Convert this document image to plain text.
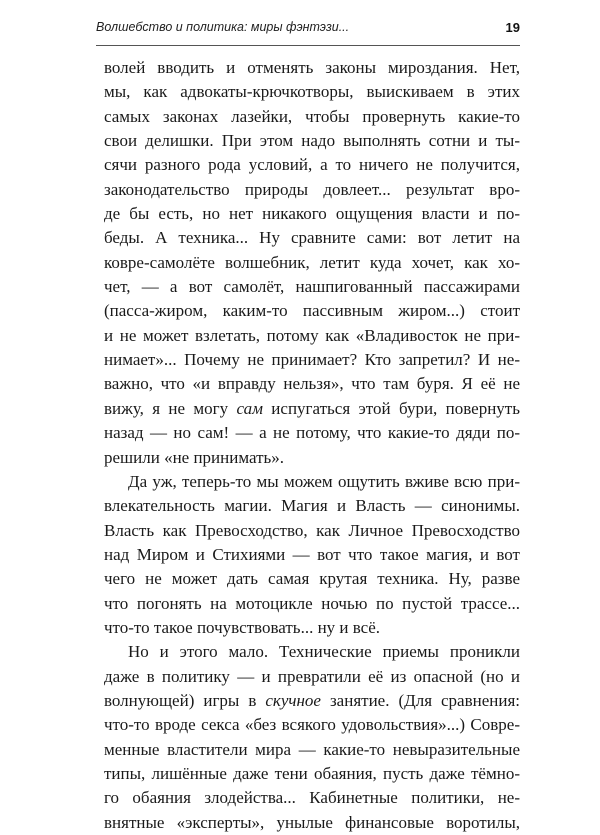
Волшебство и политика: миры фэнтэзи...	19
волей вводить и отменять законы мироздания. Нет,
мы, как адвокаты-крючкотворы, выискиваем в этих
самых законах лазейки, чтобы провернуть какие-то
свои делишки. При этом надо выполнять сотни и ты-
сячи разного рода условий, а то ничего не получится,
законодательство природы довлеет... результат вро-
де бы есть, но нет никакого ощущения власти и по-
беды. А техника... Ну сравните сами: вот летит на
ковре-самолёте волшебник, летит куда хочет, как хо-
чет, — а вот самолёт, нашпигованный пассажирами
(пасса-жиром, каким-то пассивным жиром...) стоит
и не может взлетать, потому как «Владивосток не при-
нимает»... Почему не принимает? Кто запретил? И не-
важно, что «и вправду нельзя», что там буря. Я её не
вижу, я не могу сам испугаться этой бури, повернуть
назад — но сам! — а не потому, что какие-то дяди по-
решили «не принимать».
Да уж, теперь-то мы можем ощутить вживе всю при-
влекательность магии. Магия и Власть — синонимы.
Власть как Превосходство, как Личное Превосходство
над Миром и Стихиями — вот что такое магия, и вот
чего не может дать самая крутая техника. Ну, разве
что погонять на мотоцикле ночью по пустой трассе...
что-то такое почувствовать... ну и всё.
Но и этого мало. Технические приемы проникли
даже в политику — и превратили её из опасной (но и
волнующей) игры в скучное занятие. (Для сравнения:
что-то вроде секса «без всякого удовольствия»...) Совре-
менные властители мира — какие-то невыразительные
типы, лишённые даже тени обаяния, пусть даже тёмно-
го обаяния злодейства... Кабинетные политики, не-
внятные «эксперты», унылые финансовые воротилы,
